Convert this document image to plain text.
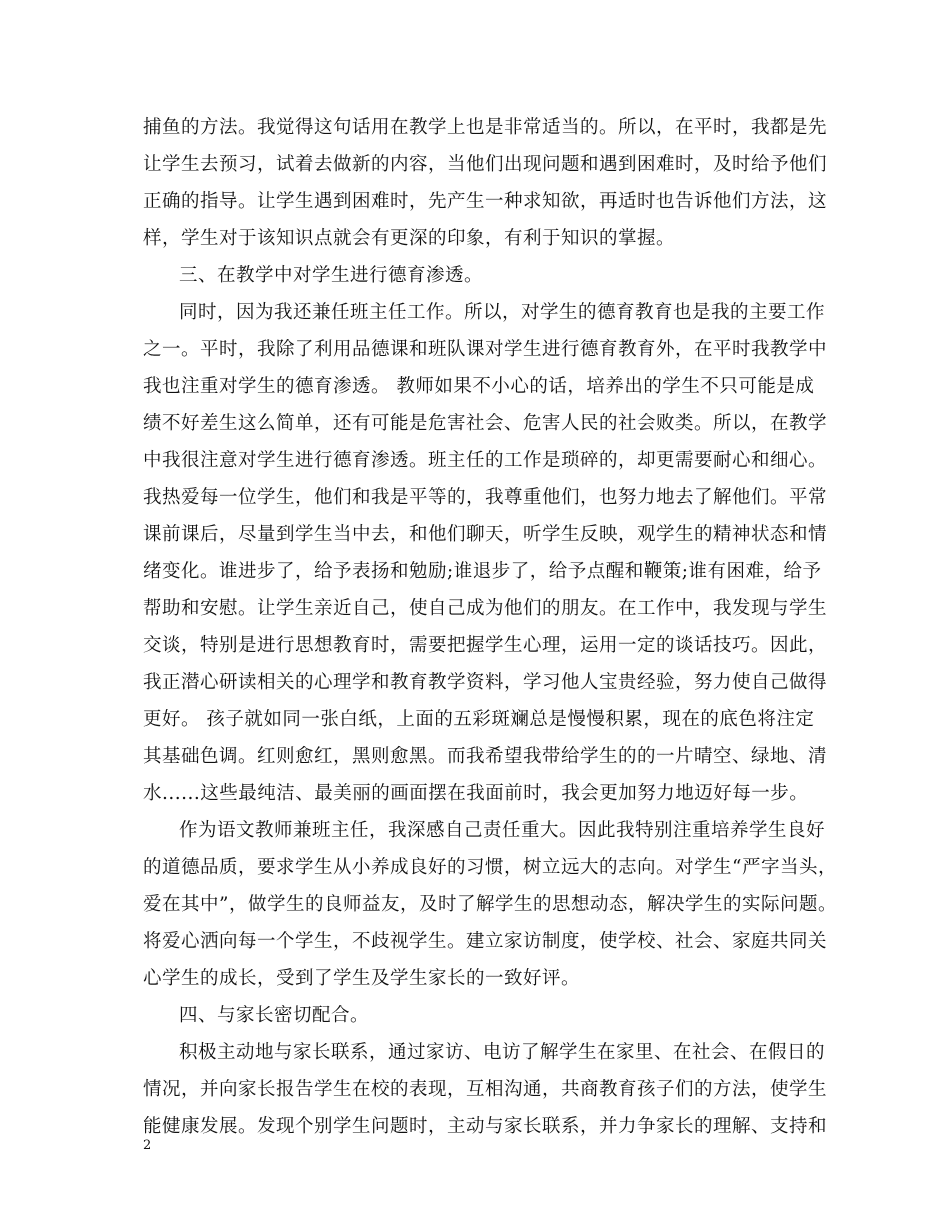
捕鱼的方法。我觉得这句话用在教学上也是非常适当的。所以，在平时，我都是先
让学生去预习，试着去做新的内容，当他们出现问题和遇到困难时，及时给予他们
正确的指导。让学生遇到困难时，先产生一种求知欲，再适时也告诉他们方法，这
样，学生对于该知识点就会有更深的印象，有利于知识的掌握。
三、在教学中对学生进行德育渗透。
同时，因为我还兼任班主任工作。所以，对学生的德育教育也是我的主要工作
之一。平时，我除了利用品德课和班队课对学生进行德育教育外，在平时我教学中
我也注重对学生的德育渗透。 教师如果不小心的话，培养出的学生不只可能是成
绩不好差生这么简单，还有可能是危害社会、危害人民的社会败类。所以，在教学
中我很注意对学生进行德育渗透。班主任的工作是琐碎的，却更需要耐心和细心。
我热爱每一位学生，他们和我是平等的，我尊重他们，也努力地去了解他们。平常
课前课后，尽量到学生当中去，和他们聊天，听学生反映，观学生的精神状态和情
绪变化。谁进步了，给予表扬和勉励;谁退步了，给予点醒和鞭策;谁有困难，给予
帮助和安慰。让学生亲近自己，使自己成为他们的朋友。在工作中，我发现与学生
交谈，特别是进行思想教育时，需要把握学生心理，运用一定的谈话技巧。因此，
我正潜心研读相关的心理学和教育教学资料，学习他人宝贵经验，努力使自己做得
更好。 孩子就如同一张白纸，上面的五彩斑斓总是慢慢积累，现在的底色将注定
其基础色调。红则愈红，黑则愈黑。而我希望我带给学生的的一片晴空、绿地、清
水......这些最纯洁、最美丽的画面摆在我面前时，我会更加努力地迈好每一步。
作为语文教师兼班主任，我深感自己责任重大。因此我特别注重培养学生良好
的道德品质，要求学生从小养成良好的习惯，树立远大的志向。对学生“严字当头，
爱在其中”，做学生的良师益友，及时了解学生的思想动态，解决学生的实际问题。
将爱心洒向每一个学生，不歧视学生。建立家访制度，使学校、社会、家庭共同关
心学生的成长，受到了学生及学生家长的一致好评。
四、与家长密切配合。
积极主动地与家长联系，通过家访、电访了解学生在家里、在社会、在假日的
情况，并向家长报告学生在校的表现，互相沟通，共商教育孩子们的方法，使学生
能健康发展。发现个别学生问题时，主动与家长联系，并力争家长的理解、支持和
2
